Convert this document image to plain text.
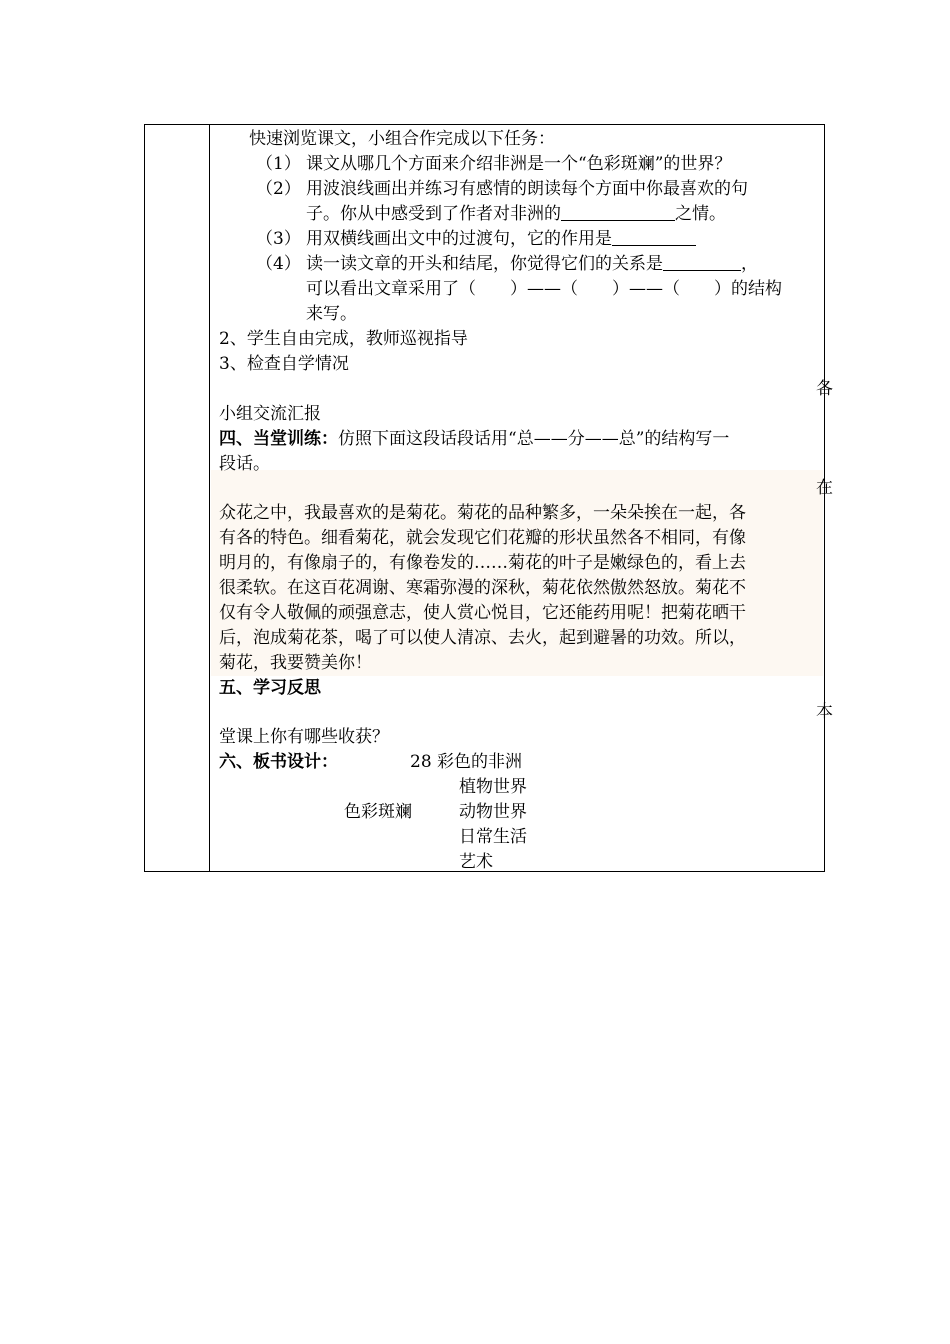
快速浏览课文，小组合作完成以下任务：
（1） 课文从哪几个方面来介绍非洲是一个“色彩斑斓”的世界？
（2） 用波浪线画出并练习有感情的朗读每个方面中你最喜欢的句
子。你从中感受到了作者对非洲的	之情。
（3） 用双横线画出文中的过渡句，它的作用是
（4） 读一读文章的开头和结尾，你觉得它们的关系是	，
可以看出文章采用了（　　）——（　　）——（　　）的结构
来写。
2、学生自由完成，教师巡视指导
3、检查自学情况
各
小组交流汇报
四、当堂训练：仿照下面这段话段话用“总——分——总”的结构写一
段话。
在
众花之中，我最喜欢的是菊花。菊花的品种繁多，一朵朵挨在一起，各
有各的特色。细看菊花，就会发现它们花瓣的形状虽然各不相同，有像
明月的，有像扇子的，有像卷发的……菊花的叶子是嫩绿色的，看上去
很柔软。在这百花凋谢、寒霜弥漫的深秋，菊花依然傲然怒放。菊花不
仅有令人敬佩的顽强意志，使人赏心悦目，它还能药用呢！把菊花晒干
后，泡成菊花茶，喝了可以使人清凉、去火，起到避暑的功效。所以，
菊花，我要赞美你！
五、学习反思
本
堂课上你有哪些收获？
六、板书设计：	28 彩色的非洲
植物世界
色彩斑斓	动物世界
日常生活
艺术
